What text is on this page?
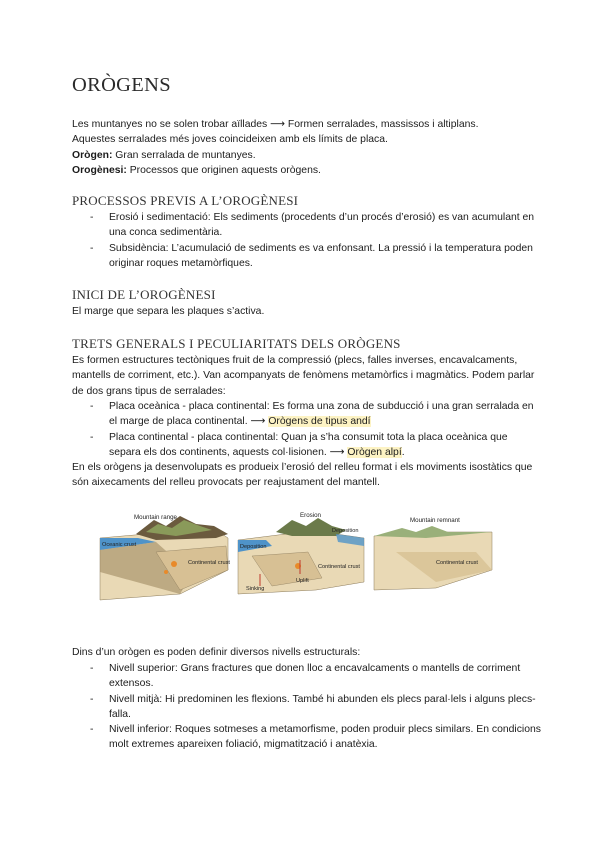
ORÒGENS

Les muntanyes no se solen trobar aïllades ⟶ Formen serralades, massissos i altiplans.
Aquestes serralades més joves coincideixen amb els límits de placa.
Orògen: Gran serralada de muntanyes.
Orogènesi: Processos que originen aquests orògens.

PROCESSOS PREVIS A L’OROGÈNESI
- Erosió i sedimentació: Els sediments (procedents d’un procés d’erosió) es van acumulant en una conca sedimentària.
- Subsidència: L’acumulació de sediments es va enfonsant. La pressió i la temperatura poden originar roques metamòrfiques.
INICI DE L’OROGÈNESI

El marge que separa les plaques s’activa.

TRETS GENERALS I PECULIARITATS DELS ORÒGENS

Es formen estructures tectòniques fruit de la compressió (plecs, falles inverses, encavalcaments, mantells de corriment, etc.). Van acompanyats de fenòmens metamòrfics i magmàtics. Podem parlar de dos grans tipus de serralades:

- Placa oceànica - placa continental: Es forma una zona de subducció i una gran serralada en el marge de placa continental. ⟶ Orògens de tipus andí
- Placa continental - placa continental: Quan ja s’ha consumit tota la placa oceànica que separa els dos continents, aquests col·lisionen. ⟶ Orògen alpí.

En els orògens ja desenvolupats es produeix l’erosió del relleu format i els moviments isostàtics que són aixecaments del relleu provocats per reajustament del mantell.

Mountain range
Oceanic crust
Continental crust
Erosion
Deposition
Deposition
Uplift
Sinking
Continental crust
Mountain remnant
Continental crust

Dins d’un orògen es poden definir diversos nivells estructurals:

- Nivell superior: Grans fractures que donen lloc a encavalcaments o mantells de corriment extensos.
- Nivell mitjà: Hi predominen les flexions. També hi abunden els plecs paral·lels i alguns plecs-falla.
- Nivell inferior: Roques sotmeses a metamorfisme, poden produir plecs similars. En condicions molt extremes apareixen foliació, migmatització i anatèxia.
